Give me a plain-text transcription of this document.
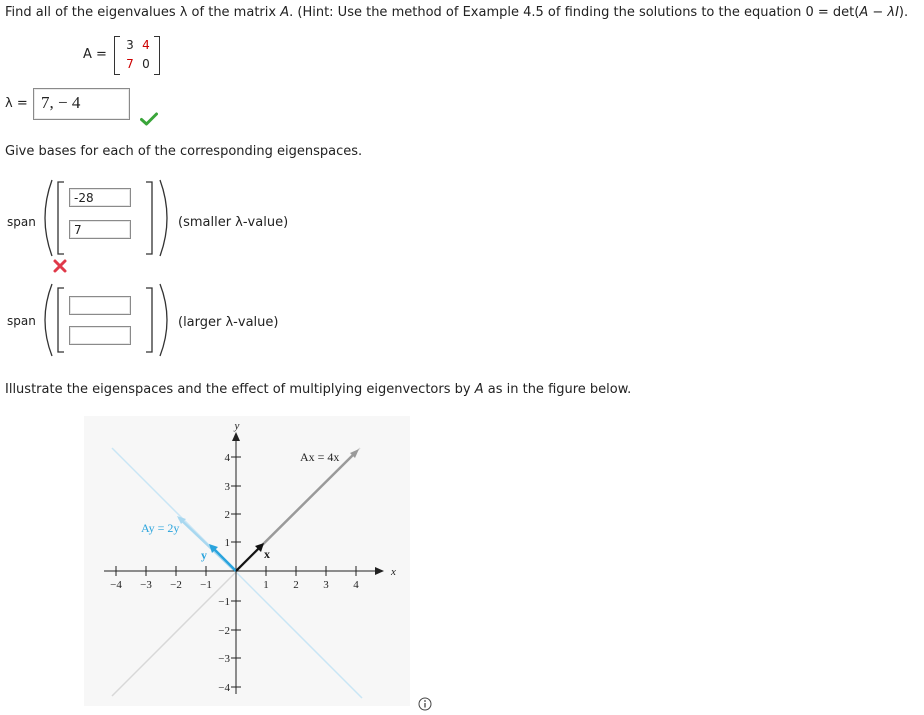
Find all of the eigenvalues λ of the matrix A. (Hint: Use the method of Example 4.5 of finding the solutions to the equation 0 = det(A − λI).
A =
3 4
7 0
λ = 7, − 4
Give bases for each of the corresponding eigenspaces.
span
-28
7	(smaller λ-value)
span	(larger λ-value)
Illustrate the eigenspaces and the effect of multiplying eigenvectors by A as in the figure below.
−4 −3 −2 −1	1 2 3 4
4
3
2
1
−1
−2
−3
−4
y
x
Ax = 4x
Ay = 2y
x
y
